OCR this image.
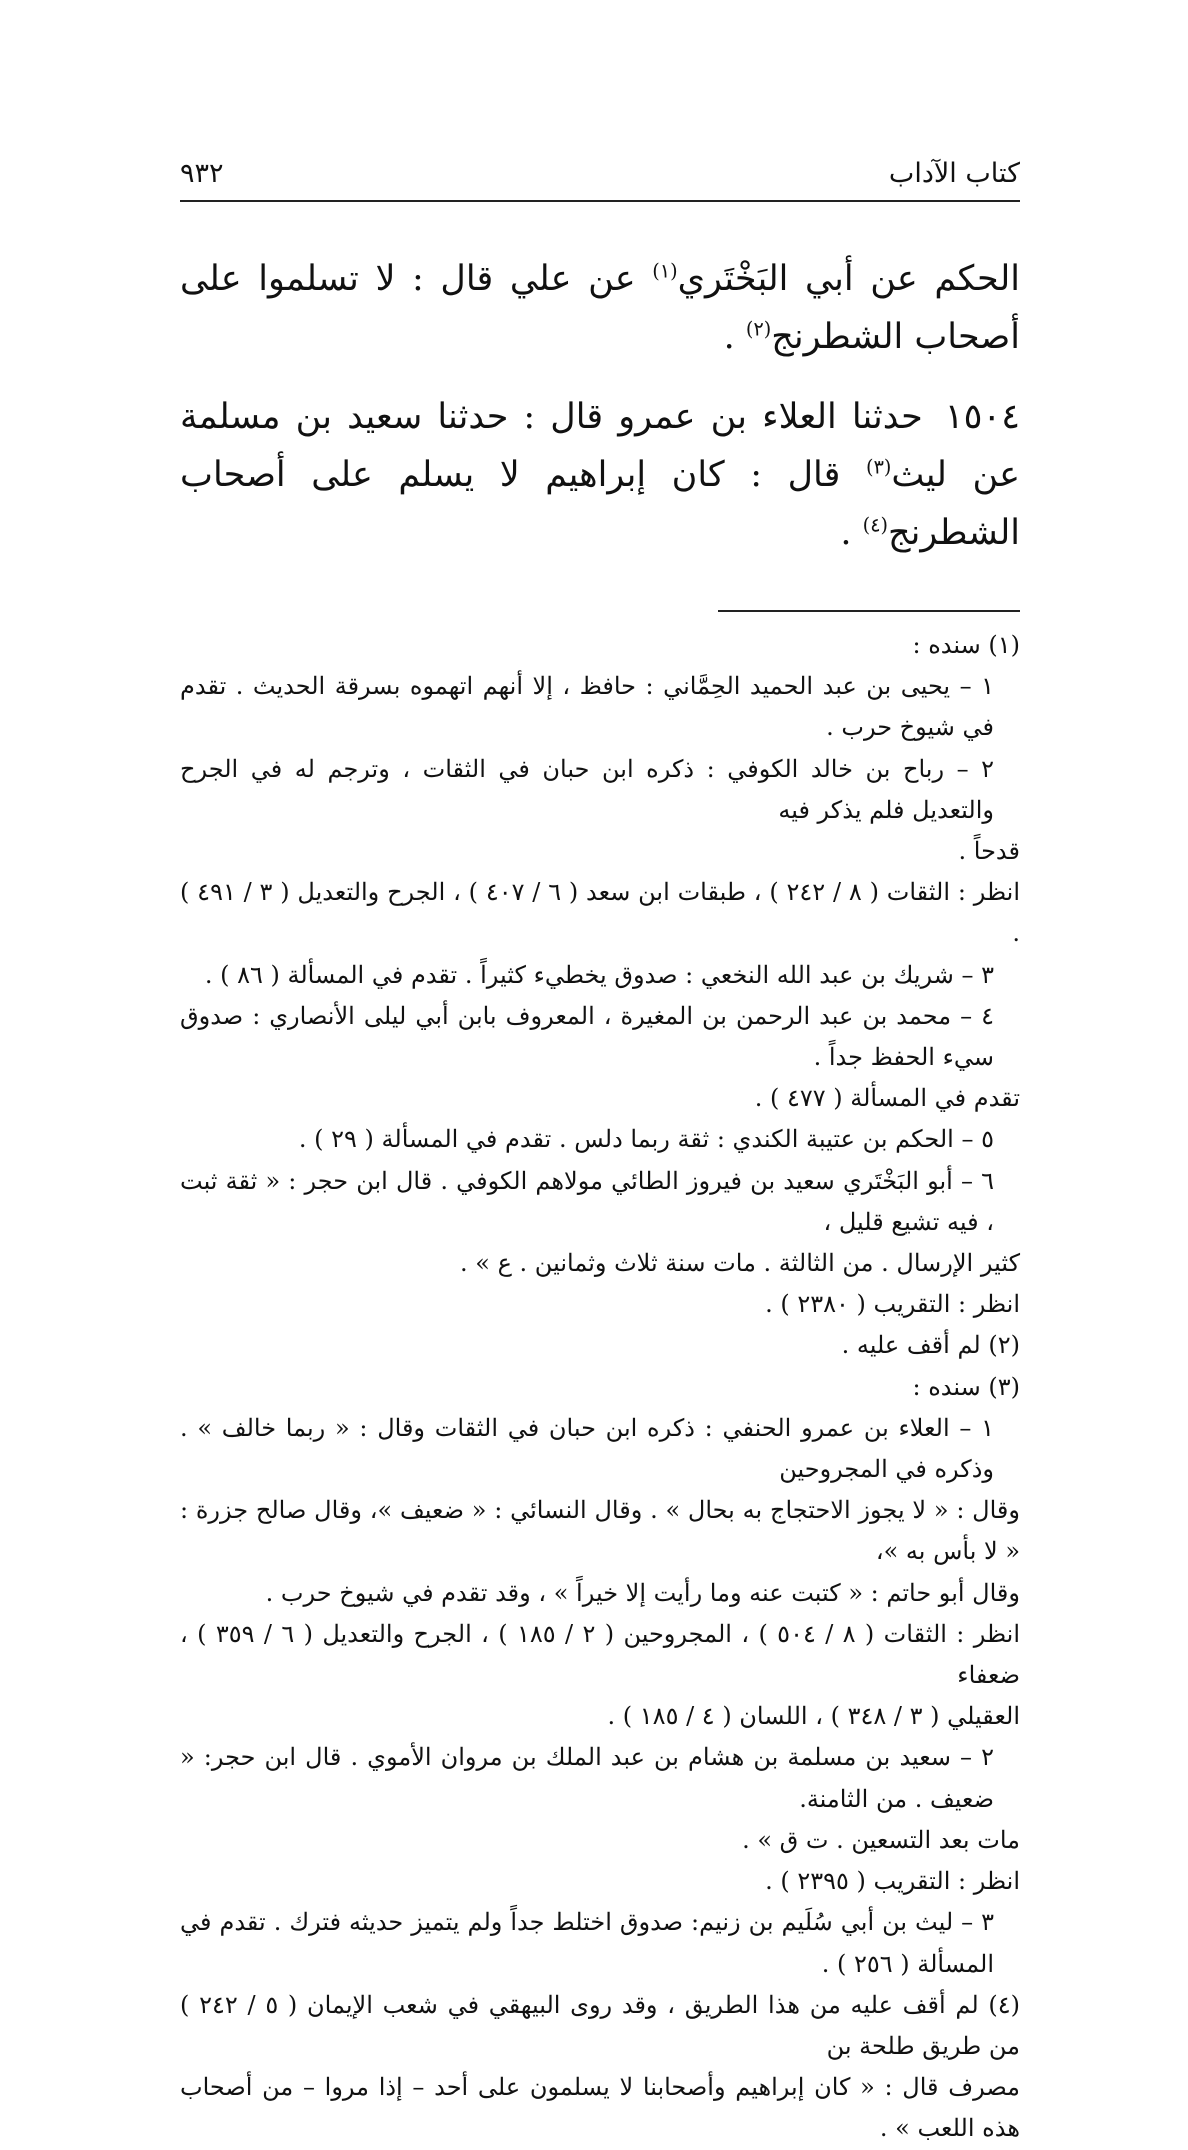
٩٣٢	كتاب الآداب

الحكم عن أبي البَخْتَري$^{(١)}$ عن علي قال : لا تسلموا على أصحاب الشطرنج$^{(٢)}$ .

١٥٠٤حدثنا العلاء بن عمرو قال : حدثنا سعيد بن مسلمة عن ليث$^{(٣)}$ قال : كان إبراهيم لا يسلم على أصحاب الشطرنج$^{(٤)}$ .

(١) سنده :
١ – يحيى بن عبد الحميد الحِمَّاني : حافظ ، إلا أنهم اتهموه بسرقة الحديث . تقدم في شيوخ حرب .
٢ – رباح بن خالد الكوفي : ذكره ابن حبان في الثقات ، وترجم له في الجرح والتعديل فلم يذكر فيه
قدحاً .
انظر : الثقات ( ٨ / ٢٤٢ ) ، طبقات ابن سعد ( ٦ / ٤٠٧ ) ، الجرح والتعديل ( ٣ / ٤٩١ ) .
٣ – شريك بن عبد الله النخعي : صدوق يخطيء كثيراً . تقدم في المسألة ( ٨٦ ) .
٤ – محمد بن عبد الرحمن بن المغيرة ، المعروف بابن أبي ليلى الأنصاري : صدوق سيء الحفظ جداً .
تقدم في المسألة ( ٤٧٧ ) .
٥ – الحكم بن عتيبة الكندي : ثقة ربما دلس . تقدم في المسألة ( ٢٩ ) .
٦ – أبو البَخْتَري سعيد بن فيروز الطائي مولاهم الكوفي . قال ابن حجر : « ثقة ثبت ، فيه تشيع قليل ،
كثير الإرسال . من الثالثة . مات سنة ثلاث وثمانين . ع » .
انظر : التقريب ( ٢٣٨٠ ) .
(٢) لم أقف عليه .
(٣) سنده :
١ – العلاء بن عمرو الحنفي : ذكره ابن حبان في الثقات وقال : « ربما خالف » . وذكره في المجروحين
وقال : « لا يجوز الاحتجاج به بحال » . وقال النسائي : « ضعيف »، وقال صالح جزرة : « لا بأس به »،
وقال أبو حاتم : « كتبت عنه وما رأيت إلا خيراً » ، وقد تقدم في شيوخ حرب .
انظر : الثقات ( ٨ / ٥٠٤ ) ، المجروحين ( ٢ / ١٨٥ ) ، الجرح والتعديل ( ٦ / ٣٥٩ ) ، ضعفاء
العقيلي ( ٣ / ٣٤٨ ) ، اللسان ( ٤ / ١٨٥ ) .
٢ – سعيد بن مسلمة بن هشام بن عبد الملك بن مروان الأموي . قال ابن حجر: « ضعيف . من الثامنة.
مات بعد التسعين . ت ق » .
انظر : التقريب ( ٢٣٩٥ ) .
٣ – ليث بن أبي سُلَيم بن زنيم: صدوق اختلط جداً ولم يتميز حديثه فترك . تقدم في المسألة ( ٢٥٦ ) .
(٤) لم أقف عليه من هذا الطريق ، وقد روى البيهقي في شعب الإيمان ( ٥ / ٢٤٢ ) من طريق طلحة بن
مصرف قال : « كان إبراهيم وأصحابنا لا يسلمون على أحد – إذا مروا – من أصحاب هذه اللعب » .
